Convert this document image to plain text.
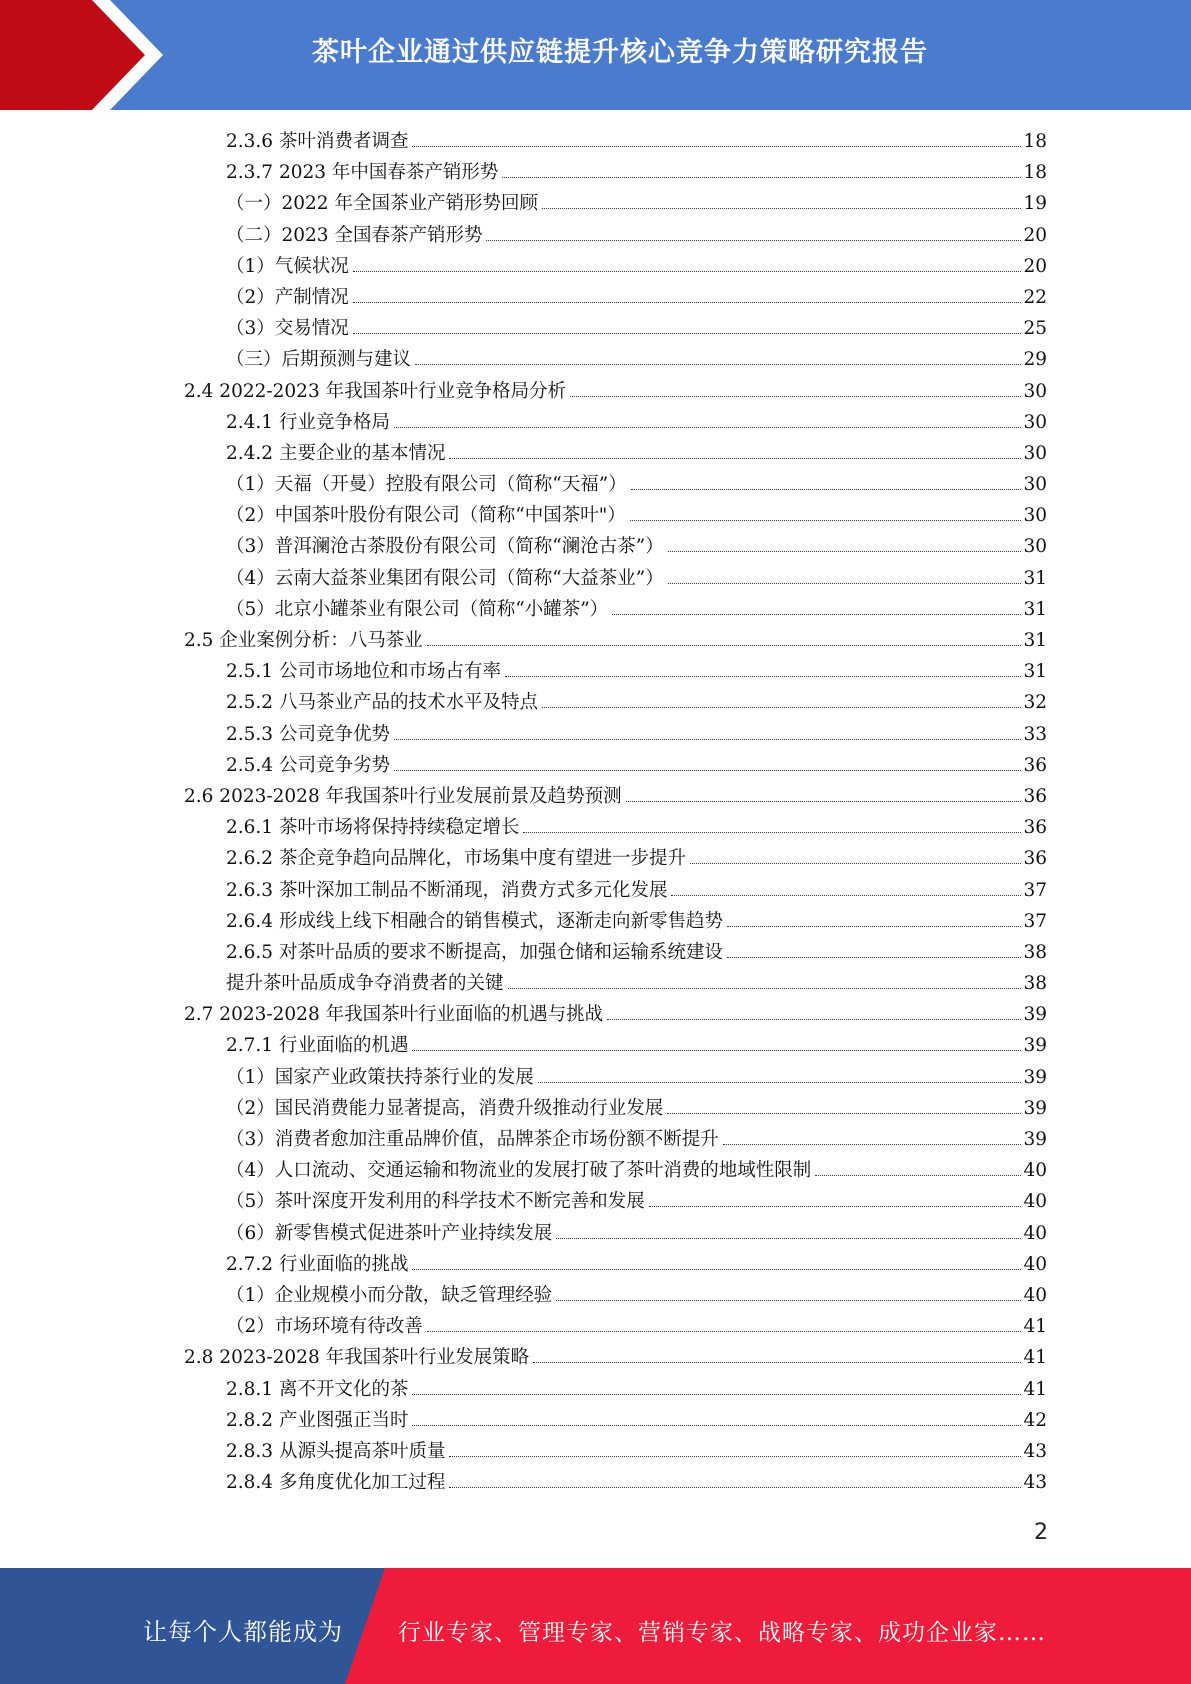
茶叶企业通过供应链提升核心竞争力策略研究报告
2.3.6 茶叶消费者调查	18
2.3.7 2023 年中国春茶产销形势	18
（一）2022 年全国茶业产销形势回顾	19
（二）2023 全国春茶产销形势	20
（1）气候状况	20
（2）产制情况	22
（3）交易情况	25
（三）后期预测与建议	29
2.4 2022-2023 年我国茶叶行业竞争格局分析	30
2.4.1 行业竞争格局	30
2.4.2 主要企业的基本情况	30
（1）天福（开曼）控股有限公司（简称“天福”）	30
（2）中国茶叶股份有限公司（简称“中国茶叶"）	30
（3）普洱澜沧古茶股份有限公司（简称“澜沧古茶”）	30
（4）云南大益茶业集团有限公司（简称“大益茶业”）	31
（5）北京小罐茶业有限公司（简称“小罐茶”）	31
2.5 企业案例分析：八马茶业	31
2.5.1 公司市场地位和市场占有率	31
2.5.2 八马茶业产品的技术水平及特点	32
2.5.3 公司竞争优势	33
2.5.4 公司竞争劣势	36
2.6 2023-2028 年我国茶叶行业发展前景及趋势预测	36
2.6.1 茶叶市场将保持持续稳定增长	36
2.6.2 茶企竞争趋向品牌化，市场集中度有望进一步提升	36
2.6.3 茶叶深加工制品不断涌现，消费方式多元化发展	37
2.6.4 形成线上线下相融合的销售模式，逐渐走向新零售趋势	37
2.6.5 对茶叶品质的要求不断提高，加强仓储和运输系统建设	38
提升茶叶品质成争夺消费者的关键	38
2.7 2023-2028 年我国茶叶行业面临的机遇与挑战	39
2.7.1 行业面临的机遇	39
（1）国家产业政策扶持茶行业的发展	39
（2）国民消费能力显著提高，消费升级推动行业发展	39
（3）消费者愈加注重品牌价值，品牌茶企市场份额不断提升	39
（4）人口流动、交通运输和物流业的发展打破了茶叶消费的地域性限制	40
（5）茶叶深度开发利用的科学技术不断完善和发展	40
（6）新零售模式促进茶叶产业持续发展	40
2.7.2 行业面临的挑战	40
（1）企业规模小而分散，缺乏管理经验	40
（2）市场环境有待改善	41
2.8 2023-2028 年我国茶叶行业发展策略	41
2.8.1 离不开文化的茶	41
2.8.2 产业图强正当时	42
2.8.3 从源头提高茶叶质量	43
2.8.4 多角度优化加工过程	43
2
让每个人都能成为 行业专家、管理专家、营销专家、战略专家、成功企业家……
